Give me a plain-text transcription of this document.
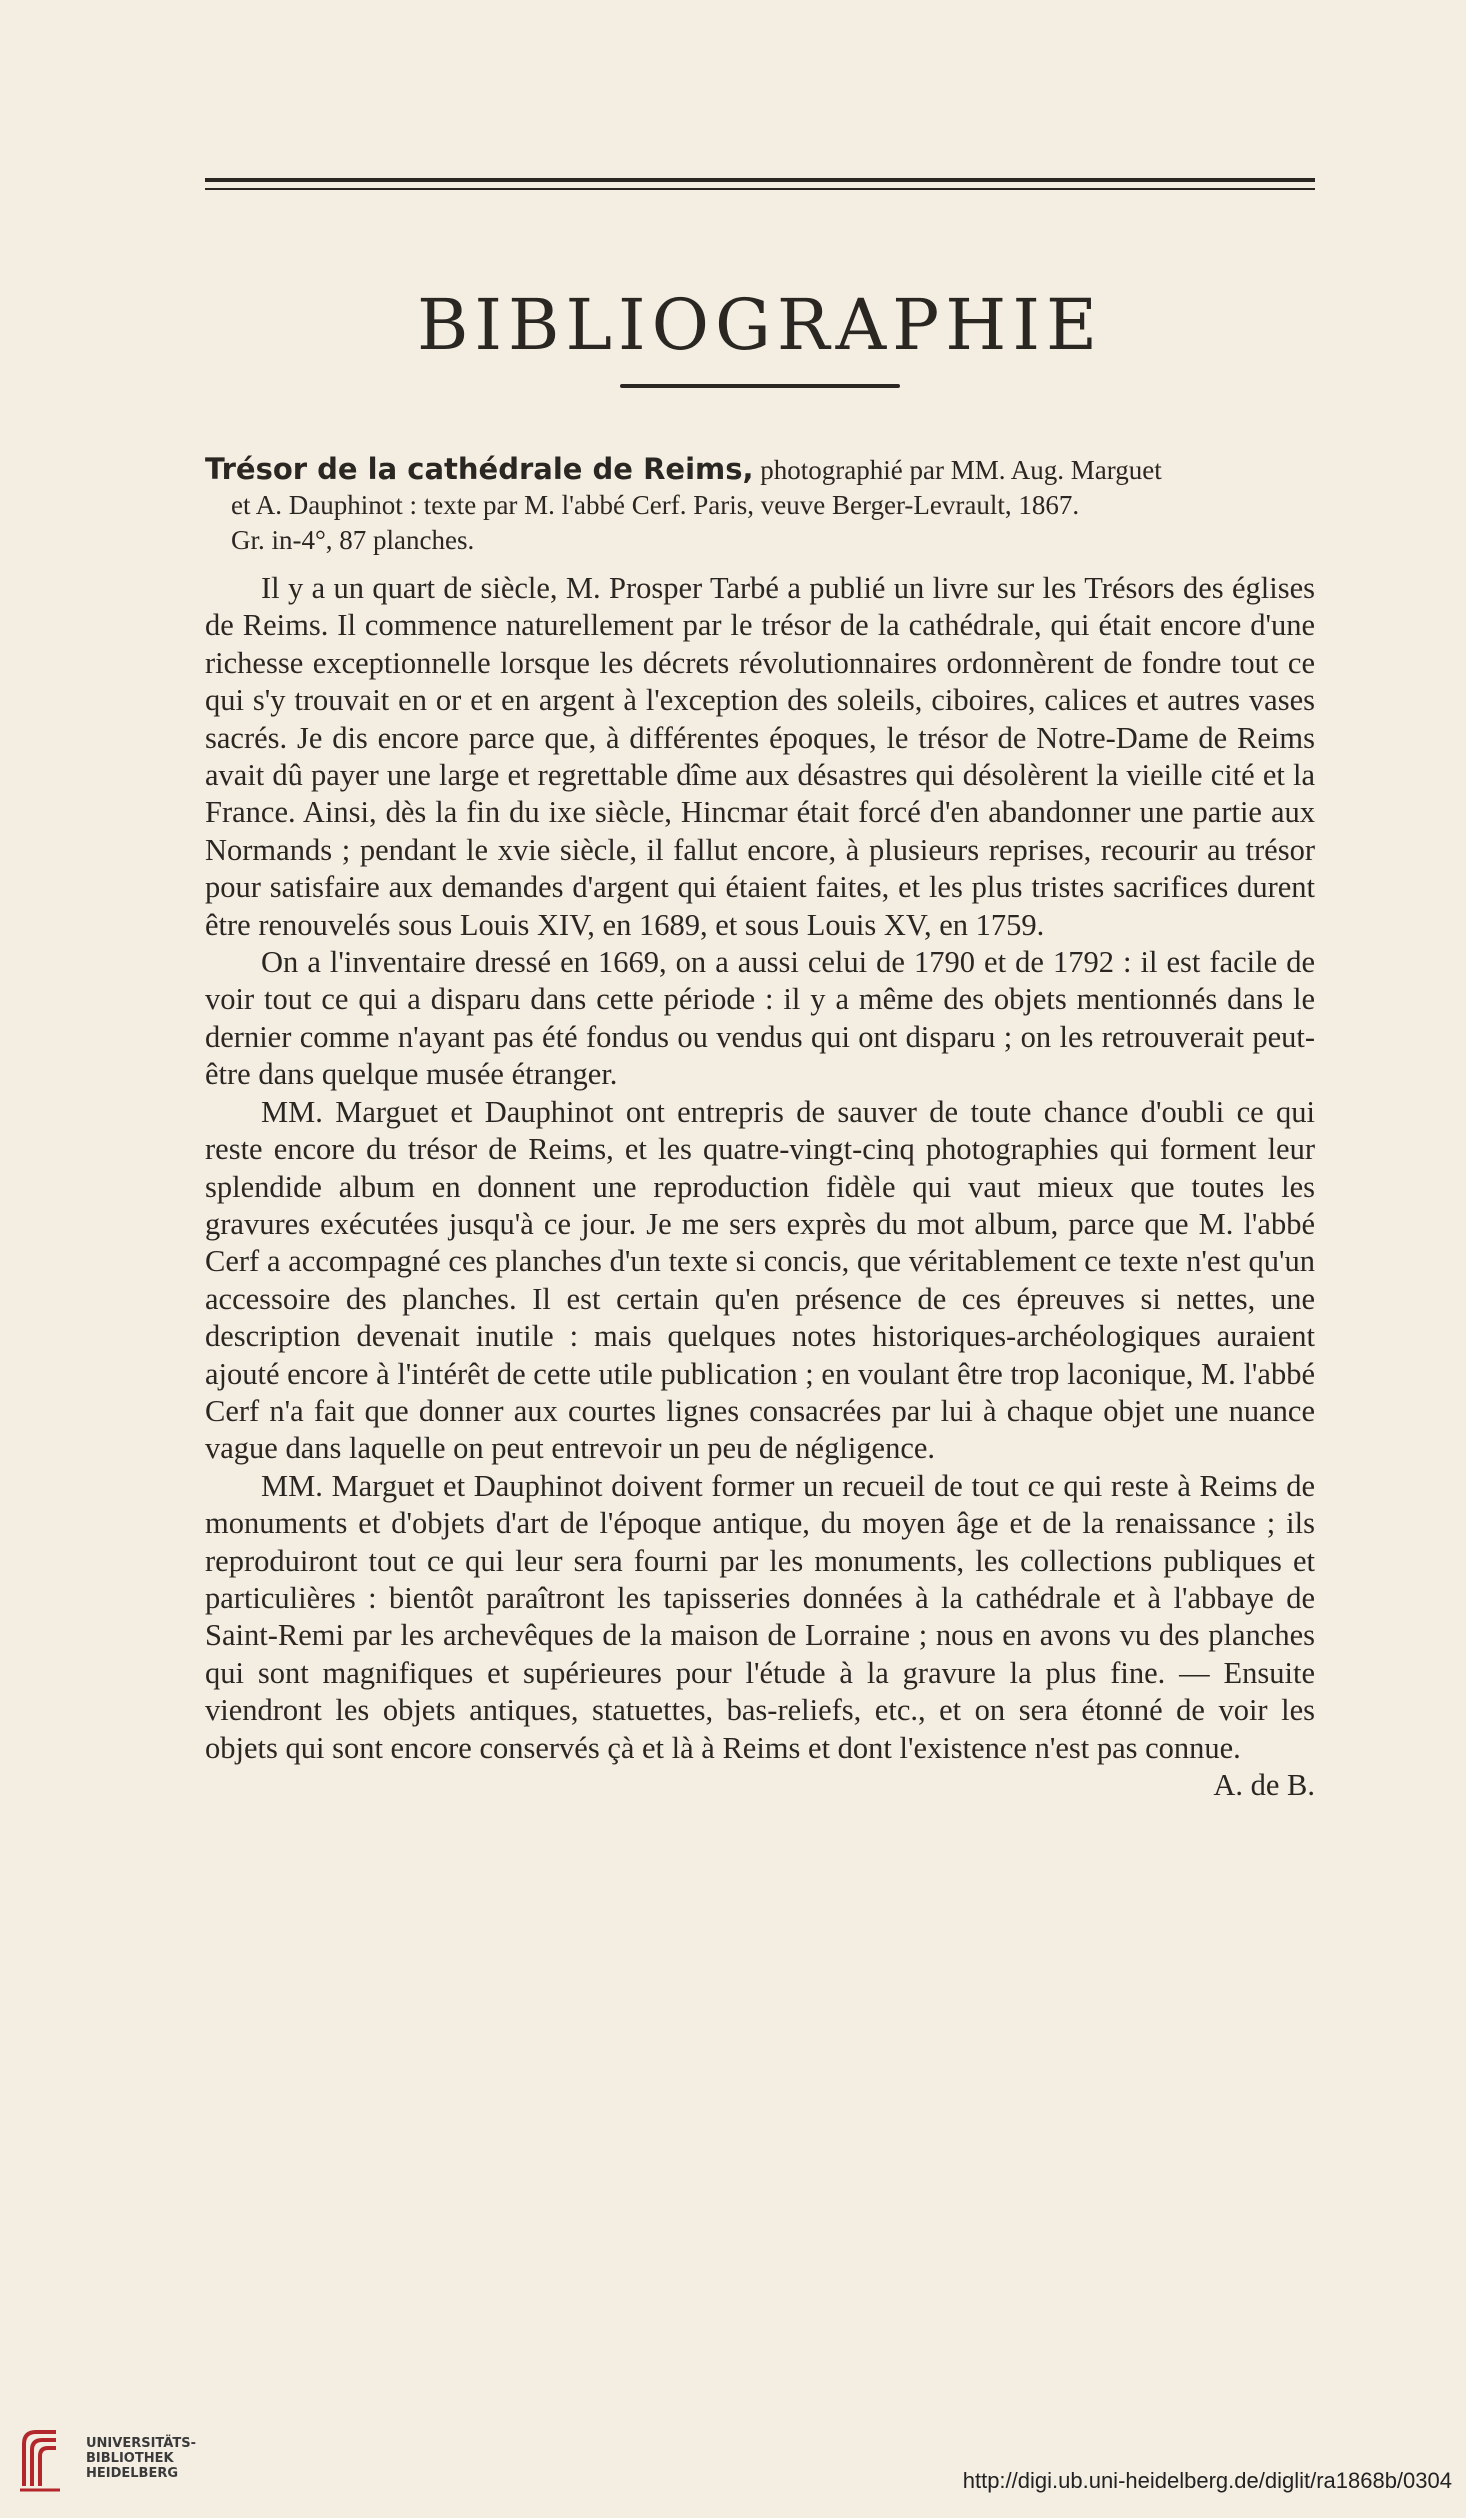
BIBLIOGRAPHIE
Trésor de la cathédrale de Reims, photographié par MM. Aug. Marguet
et A. Dauphinot : texte par M. l'abbé Cerf. Paris, veuve Berger-Levrault, 1867.
Gr. in-4°, 87 planches.

Il y a un quart de siècle, M. Prosper Tarbé a publié un livre sur les Trésors des églises de Reims. Il commence naturellement par le trésor de la cathédrale, qui était encore d'une richesse exceptionnelle lorsque les décrets révolutionnaires ordonnèrent de fondre tout ce qui s'y trouvait en or et en argent à l'exception des soleils, ciboires, calices et autres vases sacrés. Je dis encore parce que, à différentes époques, le trésor de Notre-Dame de Reims avait dû payer une large et regrettable dîme aux désastres qui désolèrent la vieille cité et la France. Ainsi, dès la fin du ixe siècle, Hincmar était forcé d'en abandonner une partie aux Normands ; pendant le xvie siècle, il fallut encore, à plusieurs reprises, recourir au trésor pour satisfaire aux demandes d'argent qui étaient faites, et les plus tristes sacrifices durent être renouvelés sous Louis XIV, en 1689, et sous Louis XV, en 1759.

On a l'inventaire dressé en 1669, on a aussi celui de 1790 et de 1792 : il est facile de voir tout ce qui a disparu dans cette période : il y a même des objets mentionnés dans le dernier comme n'ayant pas été fondus ou vendus qui ont disparu ; on les retrouverait peut-être dans quelque musée étranger.

MM. Marguet et Dauphinot ont entrepris de sauver de toute chance d'oubli ce qui reste encore du trésor de Reims, et les quatre-vingt-cinq photographies qui forment leur splendide album en donnent une reproduction fidèle qui vaut mieux que toutes les gravures exécutées jusqu'à ce jour. Je me sers exprès du mot album, parce que M. l'abbé Cerf a accompagné ces planches d'un texte si concis, que véritablement ce texte n'est qu'un accessoire des planches. Il est certain qu'en présence de ces épreuves si nettes, une description devenait inutile : mais quelques notes historiques-archéologiques auraient ajouté encore à l'intérêt de cette utile publication ; en voulant être trop laconique, M. l'abbé Cerf n'a fait que donner aux courtes lignes consacrées par lui à chaque objet une nuance vague dans laquelle on peut entrevoir un peu de négligence.

MM. Marguet et Dauphinot doivent former un recueil de tout ce qui reste à Reims de monuments et d'objets d'art de l'époque antique, du moyen âge et de la renaissance ; ils reproduiront tout ce qui leur sera fourni par les monuments, les collections publiques et particulières : bientôt paraîtront les tapisseries données à la cathédrale et à l'abbaye de Saint-Remi par les archevêques de la maison de Lorraine ; nous en avons vu des planches qui sont magnifiques et supérieures pour l'étude à la gravure la plus fine. — Ensuite viendront les objets antiques, statuettes, bas-reliefs, etc., et on sera étonné de voir les objets qui sont encore conservés çà et là à Reims et dont l'existence n'est pas connue.
A. de B.

UNIVERSITÄTS-
BIBLIOTHEK
HEIDELBERG	http://digi.ub.uni-heidelberg.de/diglit/ra1868b/0304
